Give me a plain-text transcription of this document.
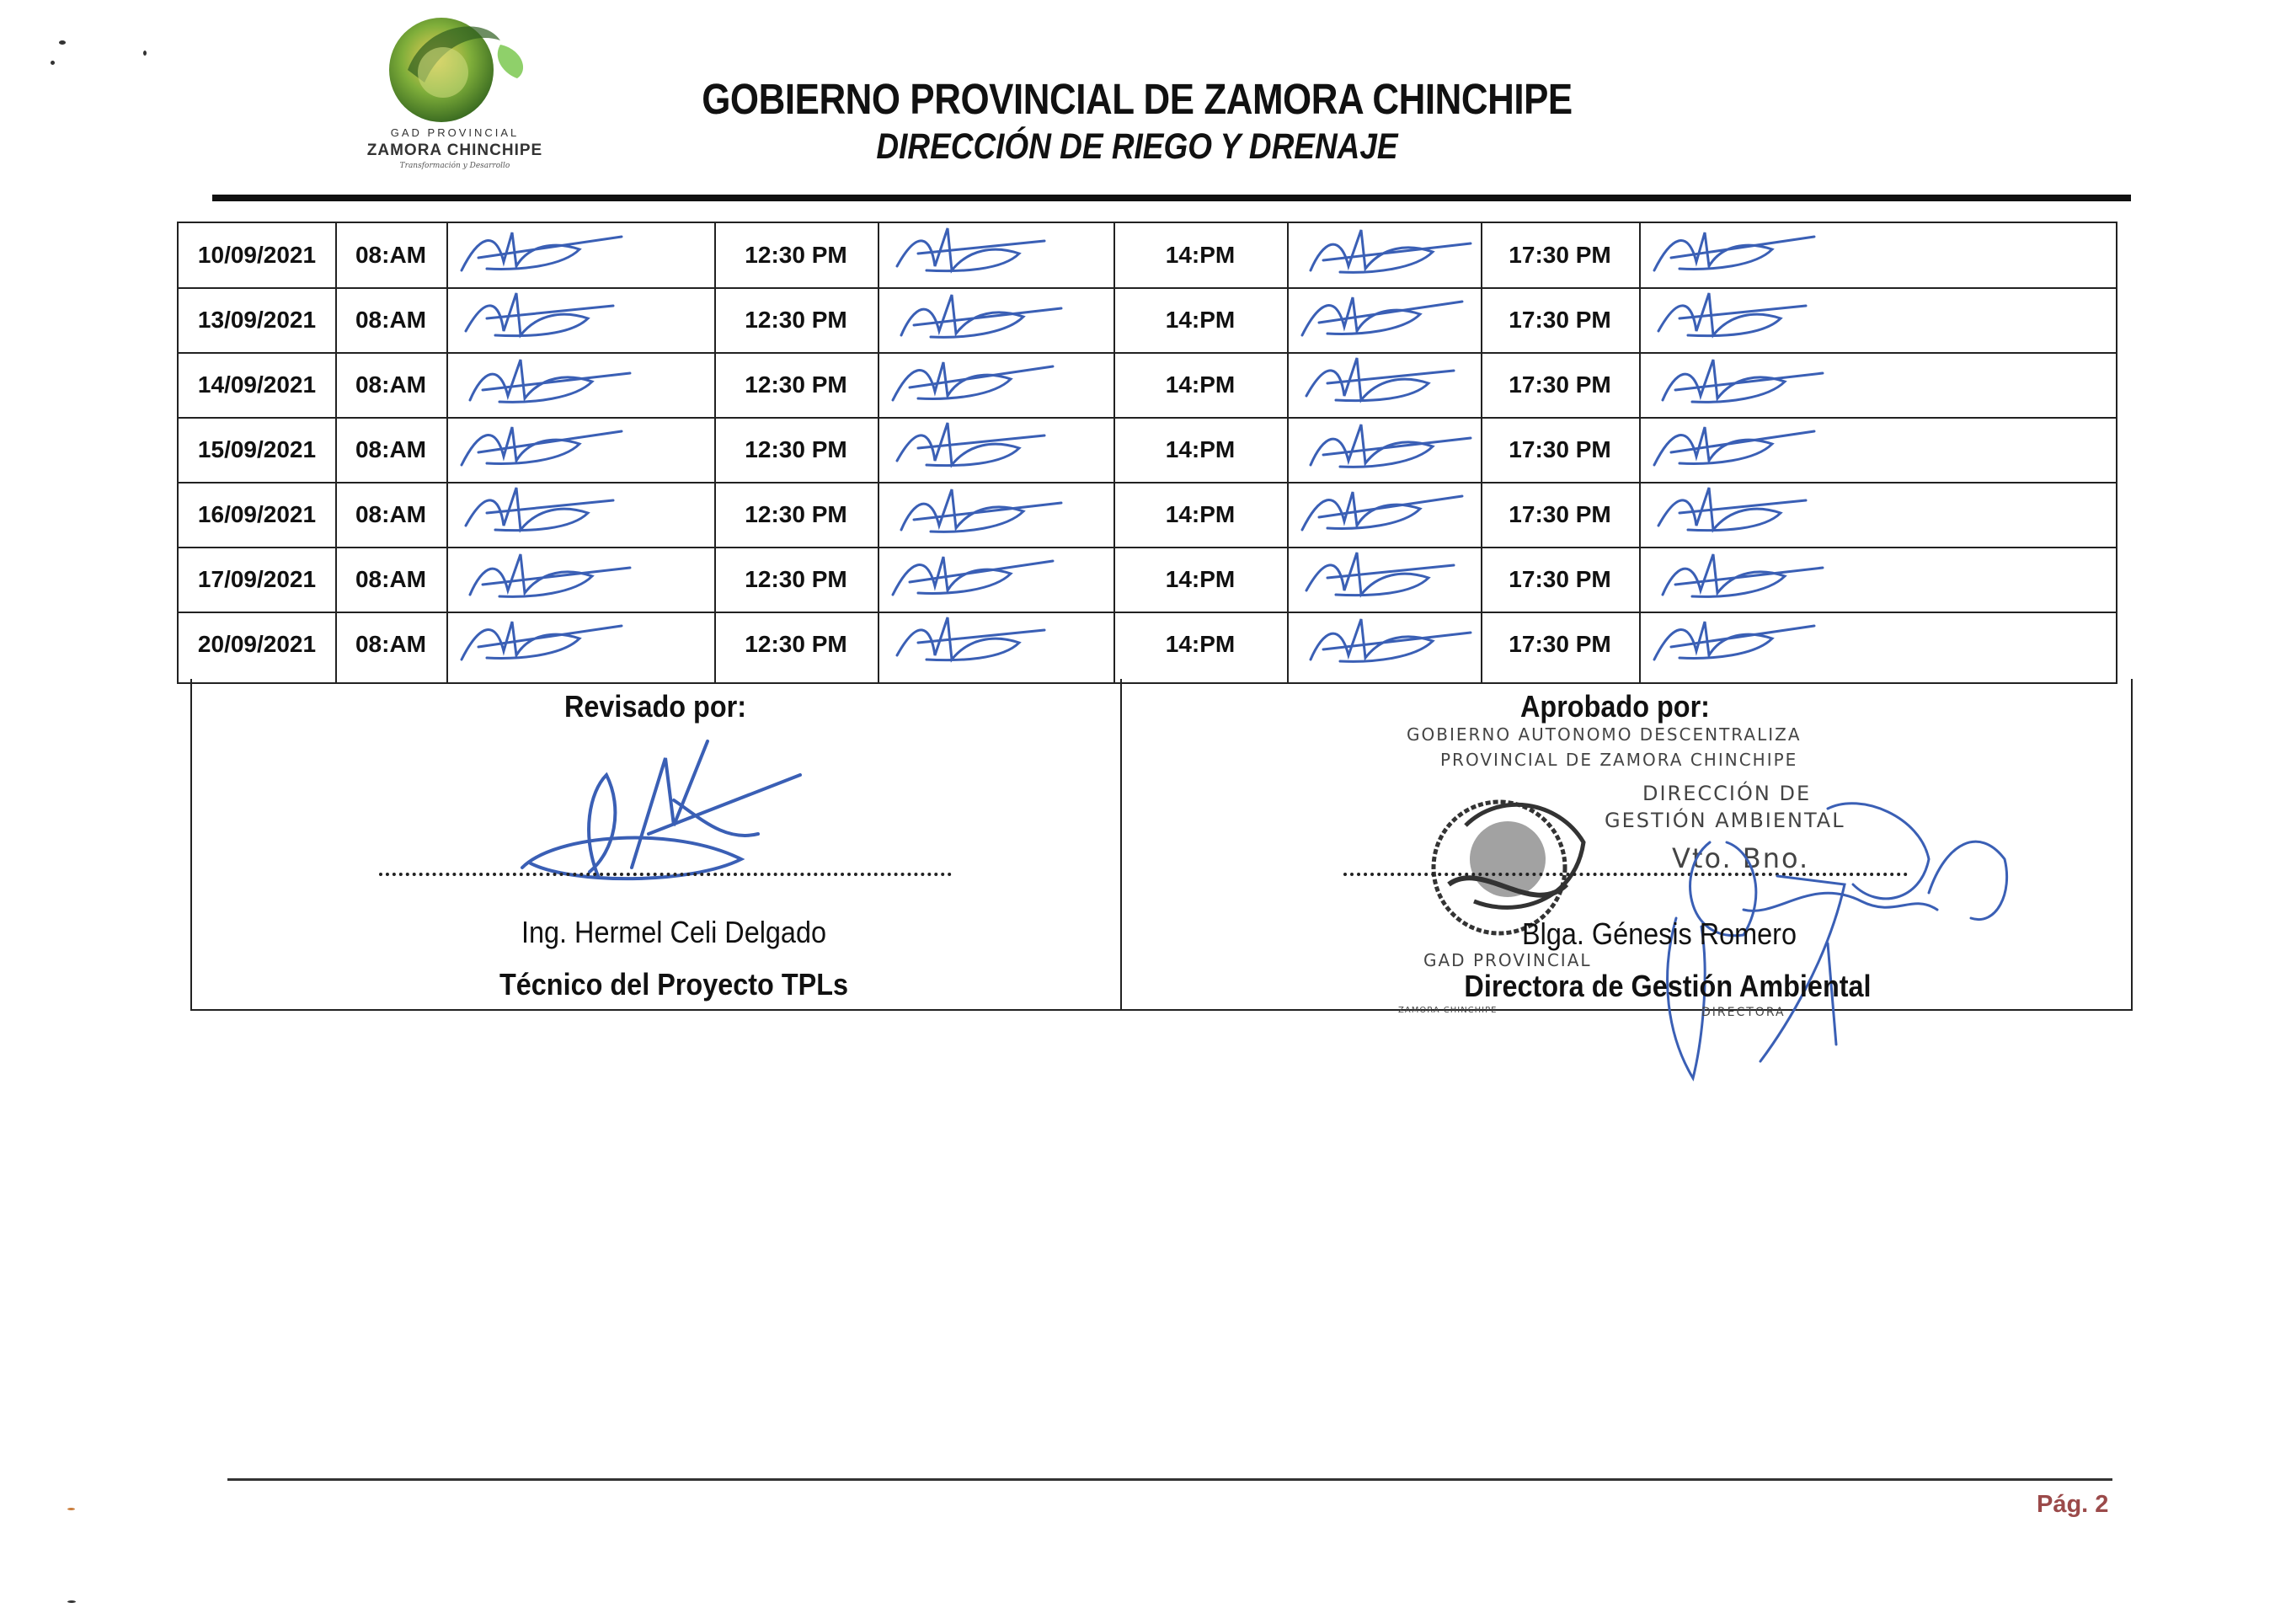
GAD PROVINCIAL
ZAMORA CHINCHIPE
Transformación y Desarrollo
GOBIERNO PROVINCIAL DE ZAMORA CHINCHIPE
DIRECCIÓN DE RIEGO Y DRENAJE
10/09/2021	08:AM	12:30 PM	14:PM	17:30 PM
13/09/2021	08:AM	12:30 PM	14:PM	17:30 PM
14/09/2021	08:AM	12:30 PM	14:PM	17:30 PM
15/09/2021	08:AM	12:30 PM	14:PM	17:30 PM
16/09/2021	08:AM	12:30 PM	14:PM	17:30 PM
17/09/2021	08:AM	12:30 PM	14:PM	17:30 PM
20/09/2021	08:AM	12:30 PM	14:PM	17:30 PM
Revisado por:
Ing. Hermel Celi Delgado
Técnico del Proyecto TPLs
Aprobado por:
GOBIERNO AUTONOMO DESCENTRALIZA
PROVINCIAL DE ZAMORA CHINCHIPE
DIRECCIÓN DE
GESTIÓN AMBIENTAL
Vto. Bno.
Blga. Génesis Romero
GAD PROVINCIAL
Directora de Gestión Ambiental
ZAMORA CHINCHIPE	DIRECTORA
Pág. 2
